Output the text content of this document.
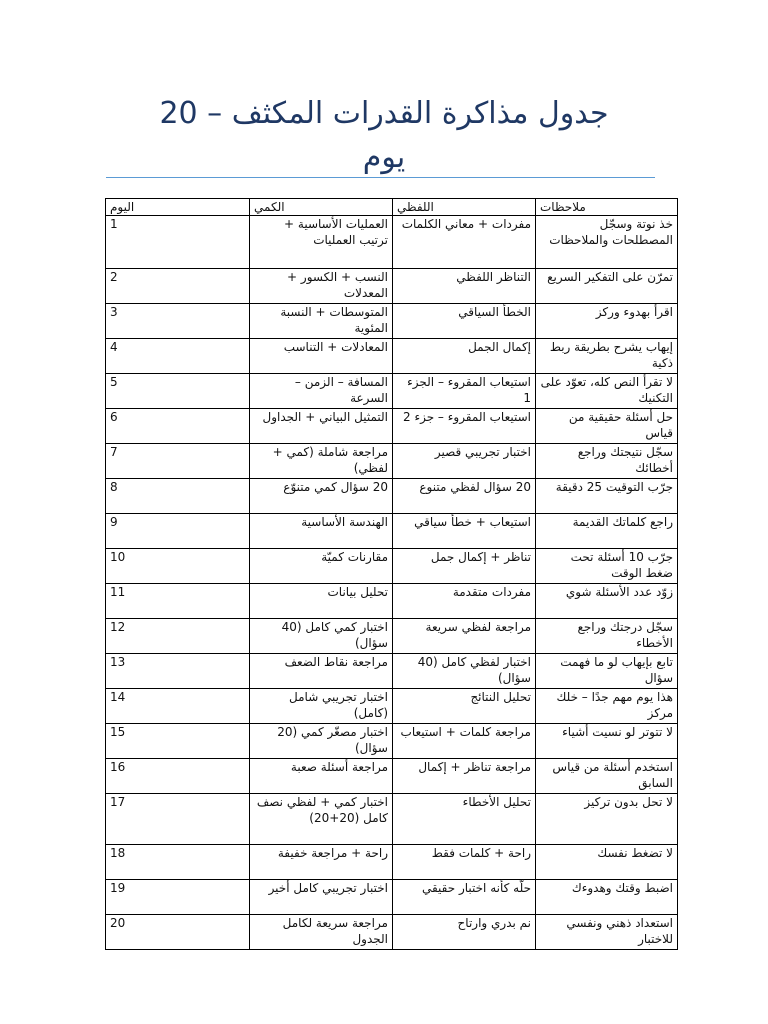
جدول مذاكرة القدرات المكثف – 20
يوم
اليوم	الكمي	اللفظي	ملاحظات
1	العمليات الأساسية + ترتيب العمليات	مفردات + معاني الكلمات	خذ نوتة وسجّل المصطلحات والملاحظات
2	النسب + الكسور + المعدلات	التناظر اللفظي	تمرّن على التفكير السريع
3	المتوسطات + النسبة المئوية	الخطأ السياقي	اقرأ بهدوء وركز
4	المعادلات + التناسب	إكمال الجمل	إيهاب يشرح بطريقة ربط ذكية
5	المسافة – الزمن – السرعة	استيعاب المقروء – الجزء 1	لا تقرأ النص كله، تعوّد على التكنيك
6	التمثيل البياني + الجداول	استيعاب المقروء – جزء 2	حل أسئلة حقيقية من قياس
7	مراجعة شاملة (كمي + لفظي)	اختبار تجريبي قصير	سجّل نتيجتك وراجع أخطائك
8	20 سؤال كمي متنوّع	20 سؤال لفظي متنوع	جرّب التوقيت 25 دقيقة
9	الهندسة الأساسية	استيعاب + خطأ سياقي	راجع كلماتك القديمة
10	مقارنات كميّة	تناظر + إكمال جمل	جرّب 10 أسئلة تحت ضغط الوقت
11	تحليل بيانات	مفردات متقدمة	زوّد عدد الأسئلة شوي
12	اختبار كمي كامل (40 سؤال)	مراجعة لفظي سريعة	سجّل درجتك وراجع الأخطاء
13	مراجعة نقاط الضعف	اختبار لفظي كامل (40 سؤال)	تابع بإيهاب لو ما فهمت سؤال
14	اختبار تجريبي شامل (كامل)	تحليل النتائج	هذا يوم مهم جدًا – خلك مركز
15	اختبار مصغّر كمي (20 سؤال)	مراجعة كلمات + استيعاب	لا تتوتر لو نسيت أشياء
16	مراجعة أسئلة صعبة	مراجعة تناظر + إكمال	استخدم أسئلة من قياس السابق
17	اختبار كمي + لفظي نصف كامل (20+20)	تحليل الأخطاء	لا تحل بدون تركيز
18	راحة + مراجعة خفيفة	راحة + كلمات فقط	لا تضغط نفسك
19	اختبار تجريبي كامل أخير	حلّه كأنه اختبار حقيقي	اضبط وقتك وهدوءك
20	مراجعة سريعة لكامل الجدول	نم بدري وارتاح	استعداد ذهني ونفسي للاختبار
